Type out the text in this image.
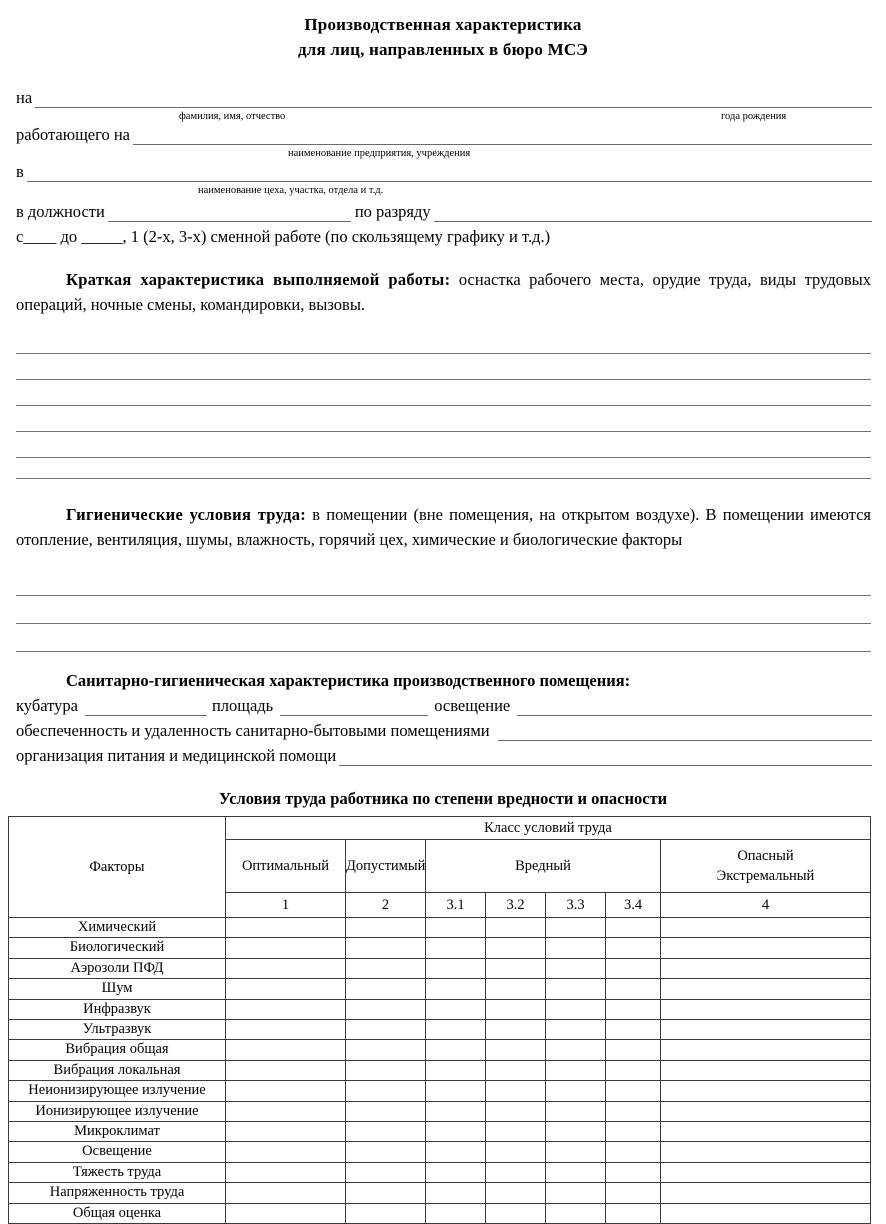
Производственная характеристика
для лиц, направленных в бюро МСЭ
на
фамилия, имя, отчество	года рождения
работающего на
наименование предприятия, учреждения
в
наименование цеха, участка, отдела и т.д.
в должности	по разряду
с____ до _____, 1 (2-х, 3-х) сменной работе (по скользящему графику и т.д.)
Краткая характеристика выполняемой работы: оснастка рабочего места, орудие труда, виды трудовых операций, ночные смены, командировки, вызовы.
Гигиенические условия труда: в помещении (вне помещения, на открытом воздухе). В помещении имеются отопление, вентиляция, шумы, влажность, горячий цех, химические и биологические факторы
Санитарно-гигиеническая характеристика производственного помещения:
кубатура	площадь	освещение
обеспеченность и удаленность санитарно-бытовыми помещениями
организация питания и медицинской помощи
Условия труда работника по степени вредности и опасности
Факторы	Класс условий труда						
	Оптимальный	Допустимый	Вредный				Опасный
Экстремальный

	1	2	3.1	3.2	3.3	3.4	4
Химический							
Биологический							
Аэрозоли ПФД							
Шум							
Инфразвук							
Ультразвук							
Вибрация общая							
Вибрация локальная							
Неионизирующее излучение							
Ионизирующее излучение							
Микроклимат							
Освещение							
Тяжесть труда							
Напряженность труда							
Общая оценка							
